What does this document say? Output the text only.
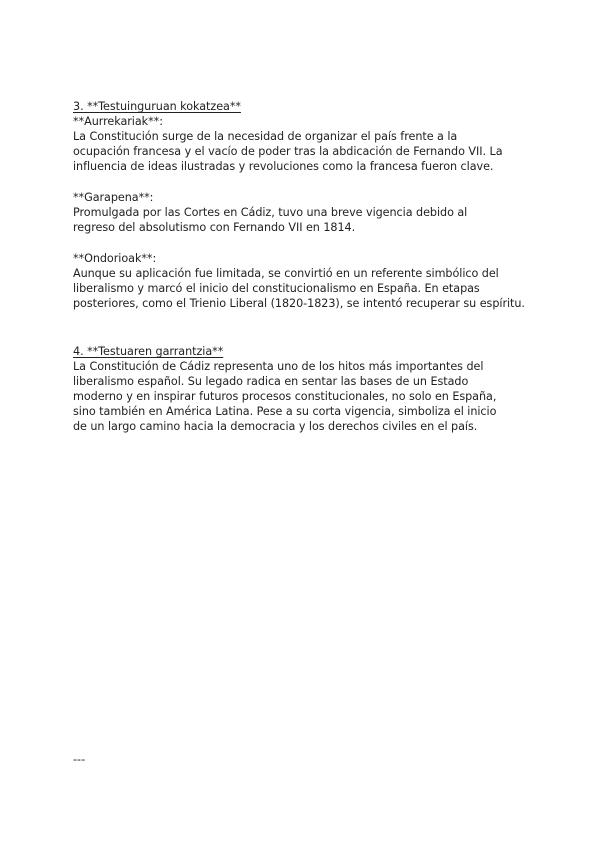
3. **Testuinguruan kokatzea**

**Aurrekariak**:

La Constitución surge de la necesidad de organizar el país frente a la

ocupación francesa y el vacío de poder tras la abdicación de Fernando VII. La

influencia de ideas ilustradas y revoluciones como la francesa fueron clave.

**Garapena**:

Promulgada por las Cortes en Cádiz, tuvo una breve vigencia debido al

regreso del absolutismo con Fernando VII en 1814.

**Ondorioak**:

Aunque su aplicación fue limitada, se convirtió en un referente simbólico del

liberalismo y marcó el inicio del constitucionalismo en España. En etapas

posteriores, como el Trienio Liberal (1820-1823), se intentó recuperar su espíritu.

4. **Testuaren garrantzia**

La Constitución de Cádiz representa uno de los hitos más importantes del

liberalismo español. Su legado radica en sentar las bases de un Estado

moderno y en inspirar futuros procesos constitucionales, no solo en España,

sino también en América Latina. Pese a su corta vigencia, simboliza el inicio

de un largo camino hacia la democracia y los derechos civiles en el país.

---
